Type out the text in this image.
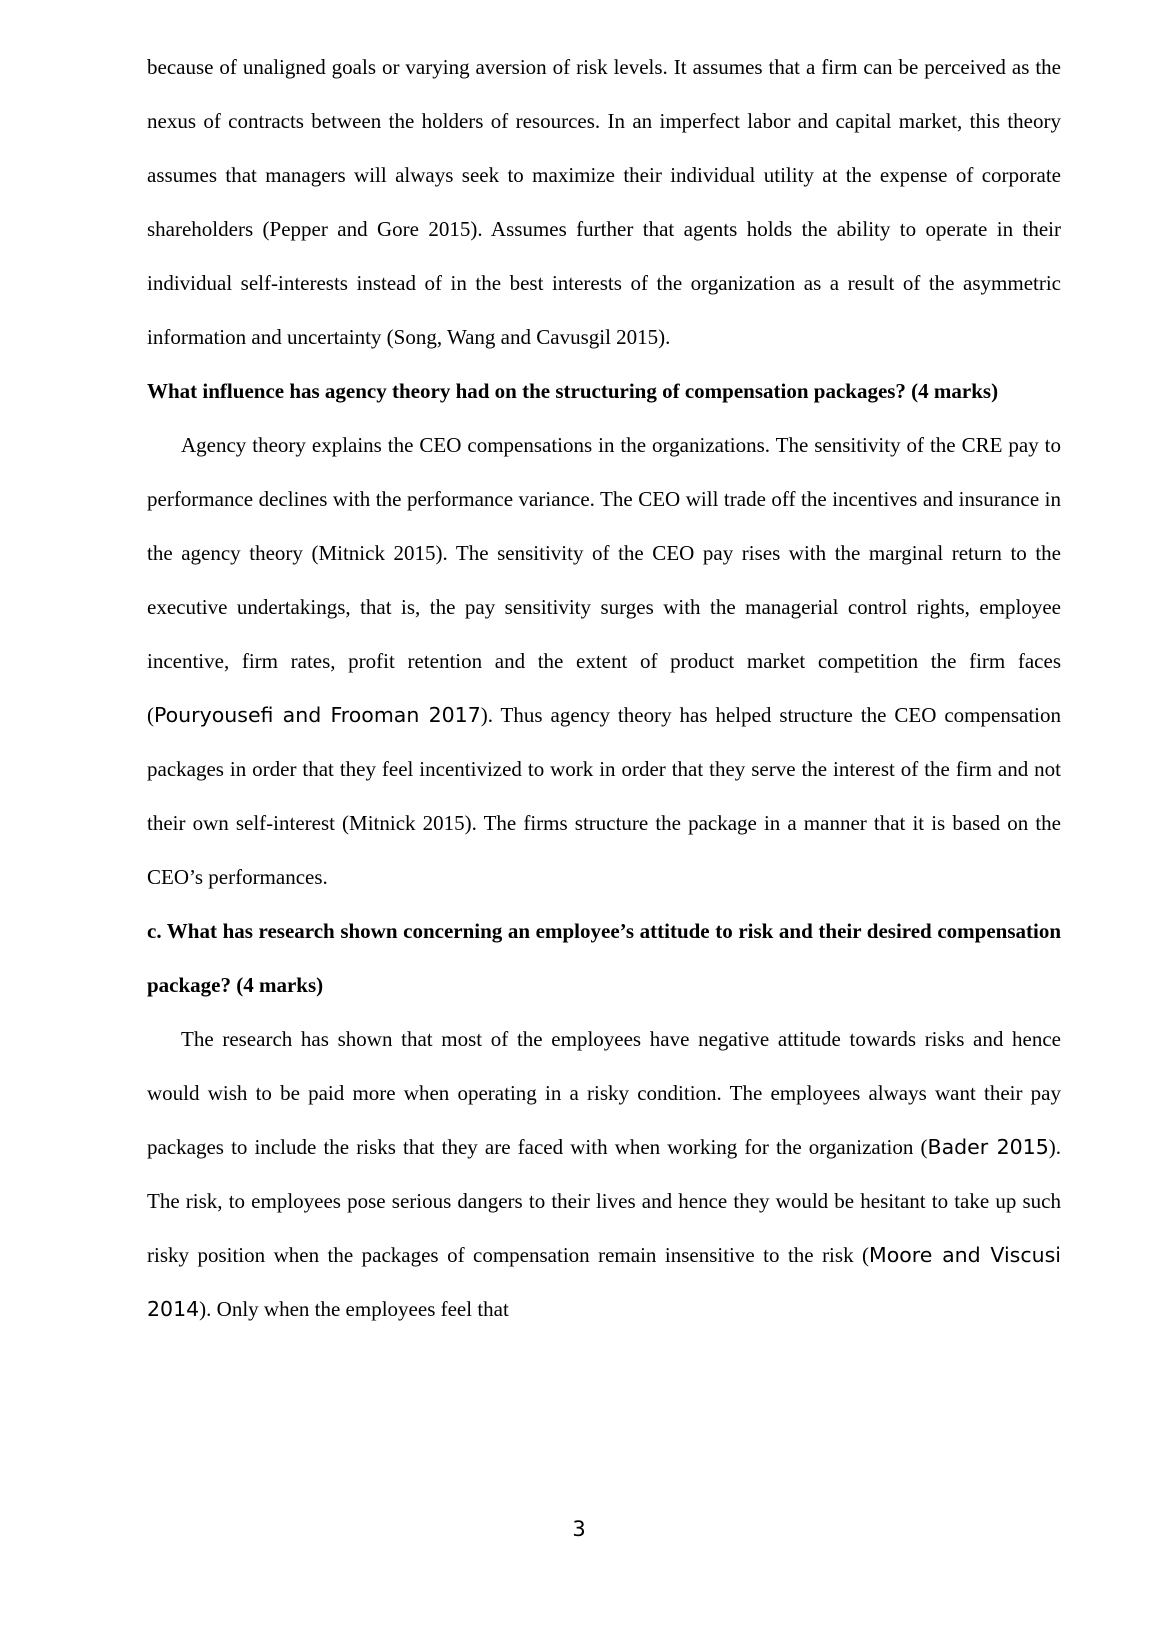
because of unaligned goals or varying aversion of risk levels. It assumes that a firm can be perceived as the nexus of contracts between the holders of resources. In an imperfect labor and capital market, this theory assumes that managers will always seek to maximize their individual utility at the expense of corporate shareholders (Pepper and Gore 2015). Assumes further that agents holds the ability to operate in their individual self-interests instead of in the best interests of the organization as a result of the asymmetric information and uncertainty (Song, Wang and Cavusgil 2015).

What influence has agency theory had on the structuring of compensation packages? (4 marks)

Agency theory explains the CEO compensations in the organizations. The sensitivity of the CRE pay to performance declines with the performance variance. The CEO will trade off the incentives and insurance in the agency theory (Mitnick 2015). The sensitivity of the CEO pay rises with the marginal return to the executive undertakings, that is, the pay sensitivity surges with the managerial control rights, employee incentive, firm rates, profit retention and the extent of product market competition the firm faces (Pouryousefi and Frooman 2017). Thus agency theory has helped structure the CEO compensation packages in order that they feel incentivized to work in order that they serve the interest of the firm and not their own self-interest (Mitnick 2015). The firms structure the package in a manner that it is based on the CEO’s performances.

c. What has research shown concerning an employee’s attitude to risk and their desired compensation package? (4 marks)

The research has shown that most of the employees have negative attitude towards risks and hence would wish to be paid more when operating in a risky condition. The employees always want their pay packages to include the risks that they are faced with when working for the organization (Bader 2015). The risk, to employees pose serious dangers to their lives and hence they would be hesitant to take up such risky position when the packages of compensation remain insensitive to the risk (Moore and Viscusi 2014). Only when the employees feel that

3
